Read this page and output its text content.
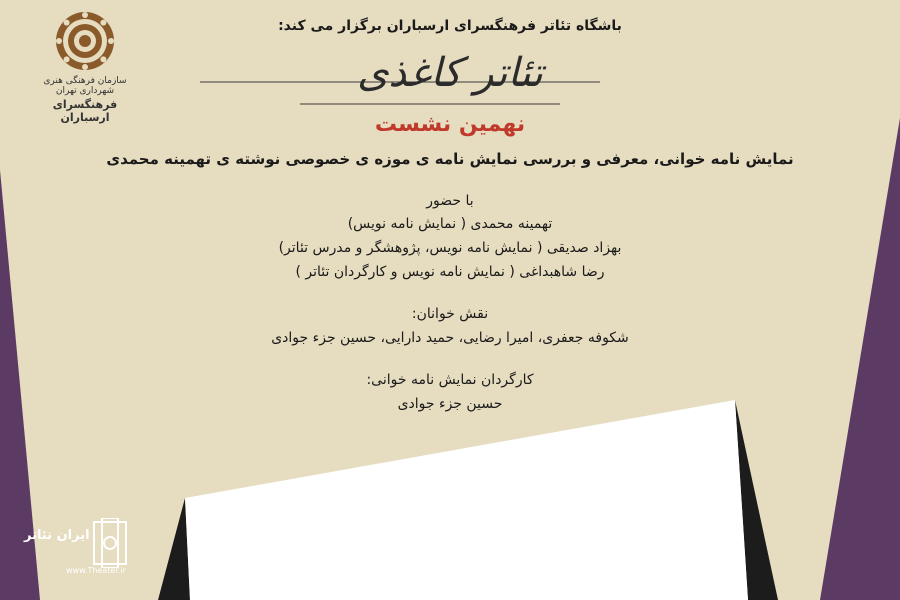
سازمان فرهنگی هنری شهرداری تهران
فرهنگسرای ارسباران
باشگاه تئاتر فرهنگسرای ارسباران برگزار می کند:
تئاتر کاغذی
نهمین نشست
نمایش نامه خوانی، معرفی و بررسی نمایش نامه ی موزه ی خصوصی نوشته ی تهمینه محمدی
با حضور
تهمینه محمدی ( نمایش نامه نویس)
بهزاد صدیقی ( نمایش نامه نویس، پژوهشگر و مدرس تئاتر)
رضا شاهبداغی ( نمایش نامه نویس و کارگردان تئاتر )
نقش خوانان:
شکوفه جعفری، امیرا رضایی، حمید دارایی، حسین جزء جوادی
کارگردان نمایش نامه خوانی:
حسین جزء جوادی
ایران تئاتر
www.Theater.ir
